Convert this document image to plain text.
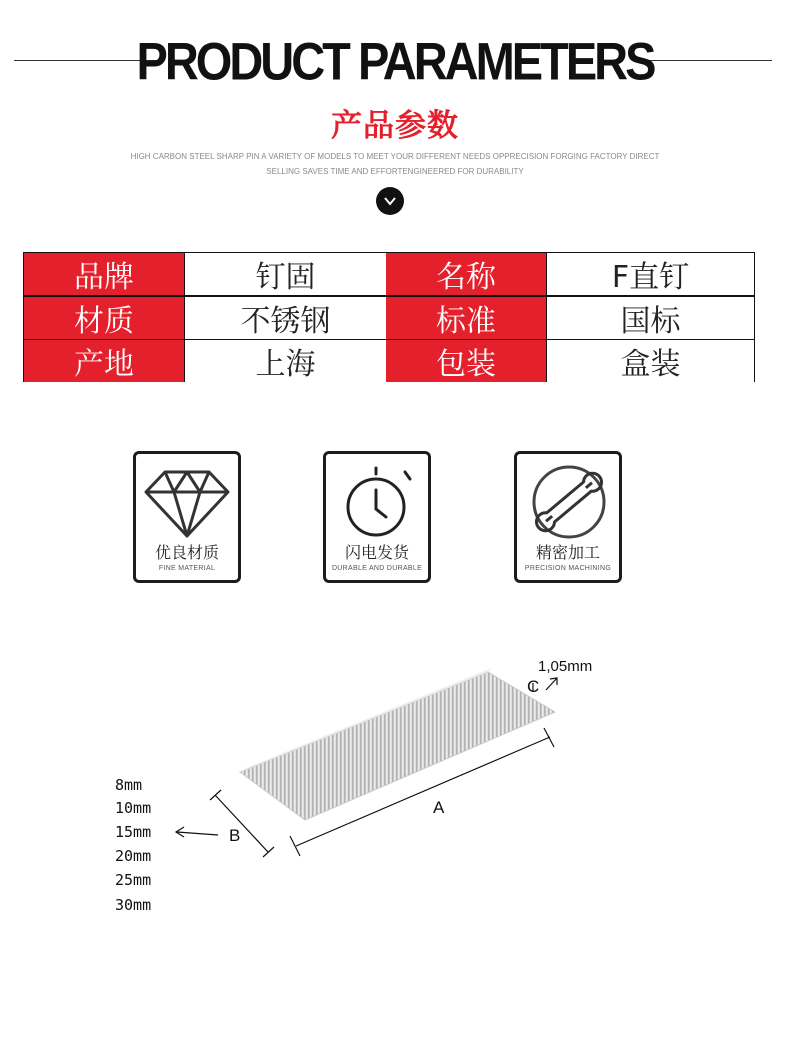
PRODUCT PARAMETERS
产品参数
HIGH CARBON STEEL SHARP PIN A VARIETY OF MODELS TO MEET YOUR DIFFERENT NEEDS OPPRECISION FORGING FACTORY DIRECT
SELLING SAVES TIME AND EFFORTENGINEERED FOR DURABILITY
品牌	钉固	名称	F直钉
材质	不锈钢	标准	国标
产地	上海	包装	盒装
优良材质
FINE MATERIAL
闪电发货
DURABLE AND DURABLE
精密加工
PRECISION MACHINING
A
B
C
1,05mm
8mm
10mm
15mm
20mm
25mm
30mm
